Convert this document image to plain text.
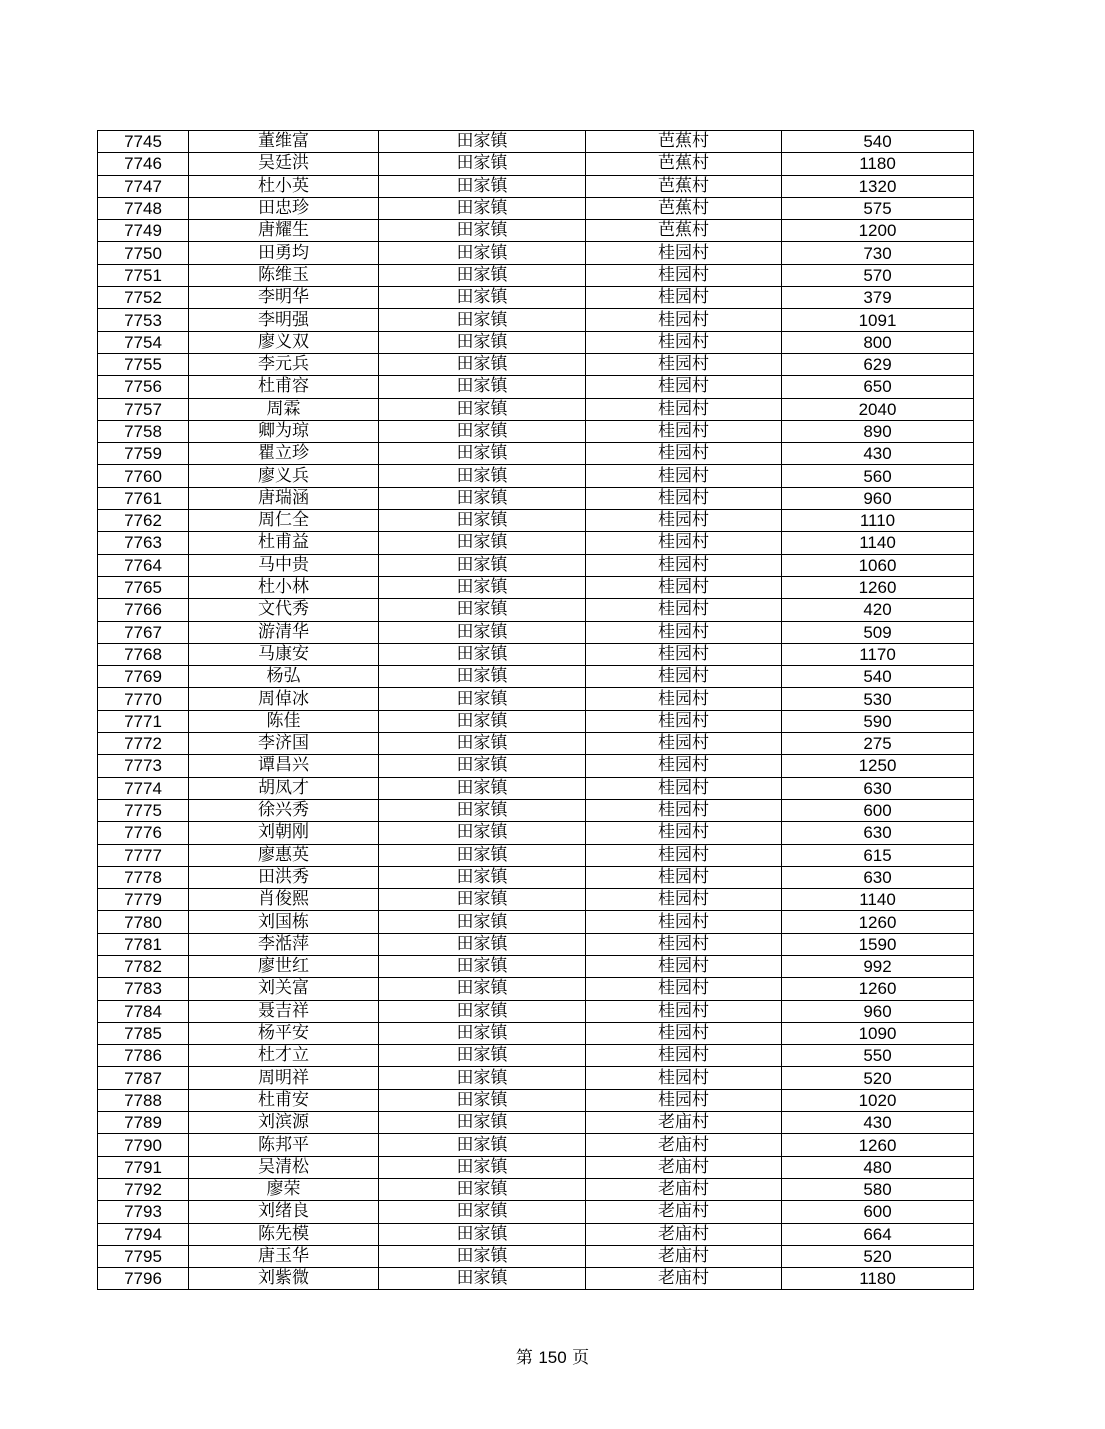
7745	董维富	田家镇	芭蕉村	540
7746	吴廷洪	田家镇	芭蕉村	1180
7747	杜小英	田家镇	芭蕉村	1320
7748	田忠珍	田家镇	芭蕉村	575
7749	唐耀生	田家镇	芭蕉村	1200
7750	田勇均	田家镇	桂园村	730
7751	陈维玉	田家镇	桂园村	570
7752	李明华	田家镇	桂园村	379
7753	李明强	田家镇	桂园村	1091
7754	廖义双	田家镇	桂园村	800
7755	李元兵	田家镇	桂园村	629
7756	杜甫容	田家镇	桂园村	650
7757	周霖	田家镇	桂园村	2040
7758	卿为琼	田家镇	桂园村	890
7759	瞿立珍	田家镇	桂园村	430
7760	廖义兵	田家镇	桂园村	560
7761	唐瑞涵	田家镇	桂园村	960
7762	周仁全	田家镇	桂园村	1110
7763	杜甫益	田家镇	桂园村	1140
7764	马中贵	田家镇	桂园村	1060
7765	杜小林	田家镇	桂园村	1260
7766	文代秀	田家镇	桂园村	420
7767	游清华	田家镇	桂园村	509
7768	马康安	田家镇	桂园村	1170
7769	杨弘	田家镇	桂园村	540
7770	周倬冰	田家镇	桂园村	530
7771	陈佳	田家镇	桂园村	590
7772	李济国	田家镇	桂园村	275
7773	谭昌兴	田家镇	桂园村	1250
7774	胡凤才	田家镇	桂园村	630
7775	徐兴秀	田家镇	桂园村	600
7776	刘朝刚	田家镇	桂园村	630
7777	廖惠英	田家镇	桂园村	615
7778	田洪秀	田家镇	桂园村	630
7779	肖俊熙	田家镇	桂园村	1140
7780	刘国栋	田家镇	桂园村	1260
7781	李湉萍	田家镇	桂园村	1590
7782	廖世红	田家镇	桂园村	992
7783	刘关富	田家镇	桂园村	1260
7784	聂吉祥	田家镇	桂园村	960
7785	杨平安	田家镇	桂园村	1090
7786	杜才立	田家镇	桂园村	550
7787	周明祥	田家镇	桂园村	520
7788	杜甫安	田家镇	桂园村	1020
7789	刘滨源	田家镇	老庙村	430
7790	陈邦平	田家镇	老庙村	1260
7791	吴清松	田家镇	老庙村	480
7792	廖荣	田家镇	老庙村	580
7793	刘绪良	田家镇	老庙村	600
7794	陈先模	田家镇	老庙村	664
7795	唐玉华	田家镇	老庙村	520
7796	刘紫微	田家镇	老庙村	1180
第 150 页
